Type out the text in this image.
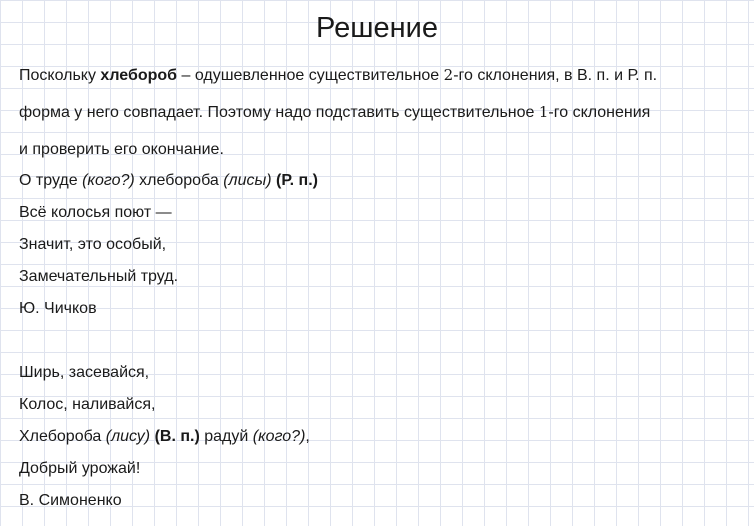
Решение
Поскольку хлебороб – одушевленное существительное 2-го склонения, в В. п. и Р. п.
форма у него совпадает. Поэтому надо подставить существительное 1-го склонения
и проверить его окончание.
О труде (кого?) хлебороба (лисы) (Р. п.)
Всё колосья поют —
Значит, это особый,
Замечательный труд.
Ю. Чичков
Ширь, засевайся,
Колос, наливайся,
Хлебороба (лису) (В. п.) радуй (кого?),
Добрый урожай!
В. Симоненко
